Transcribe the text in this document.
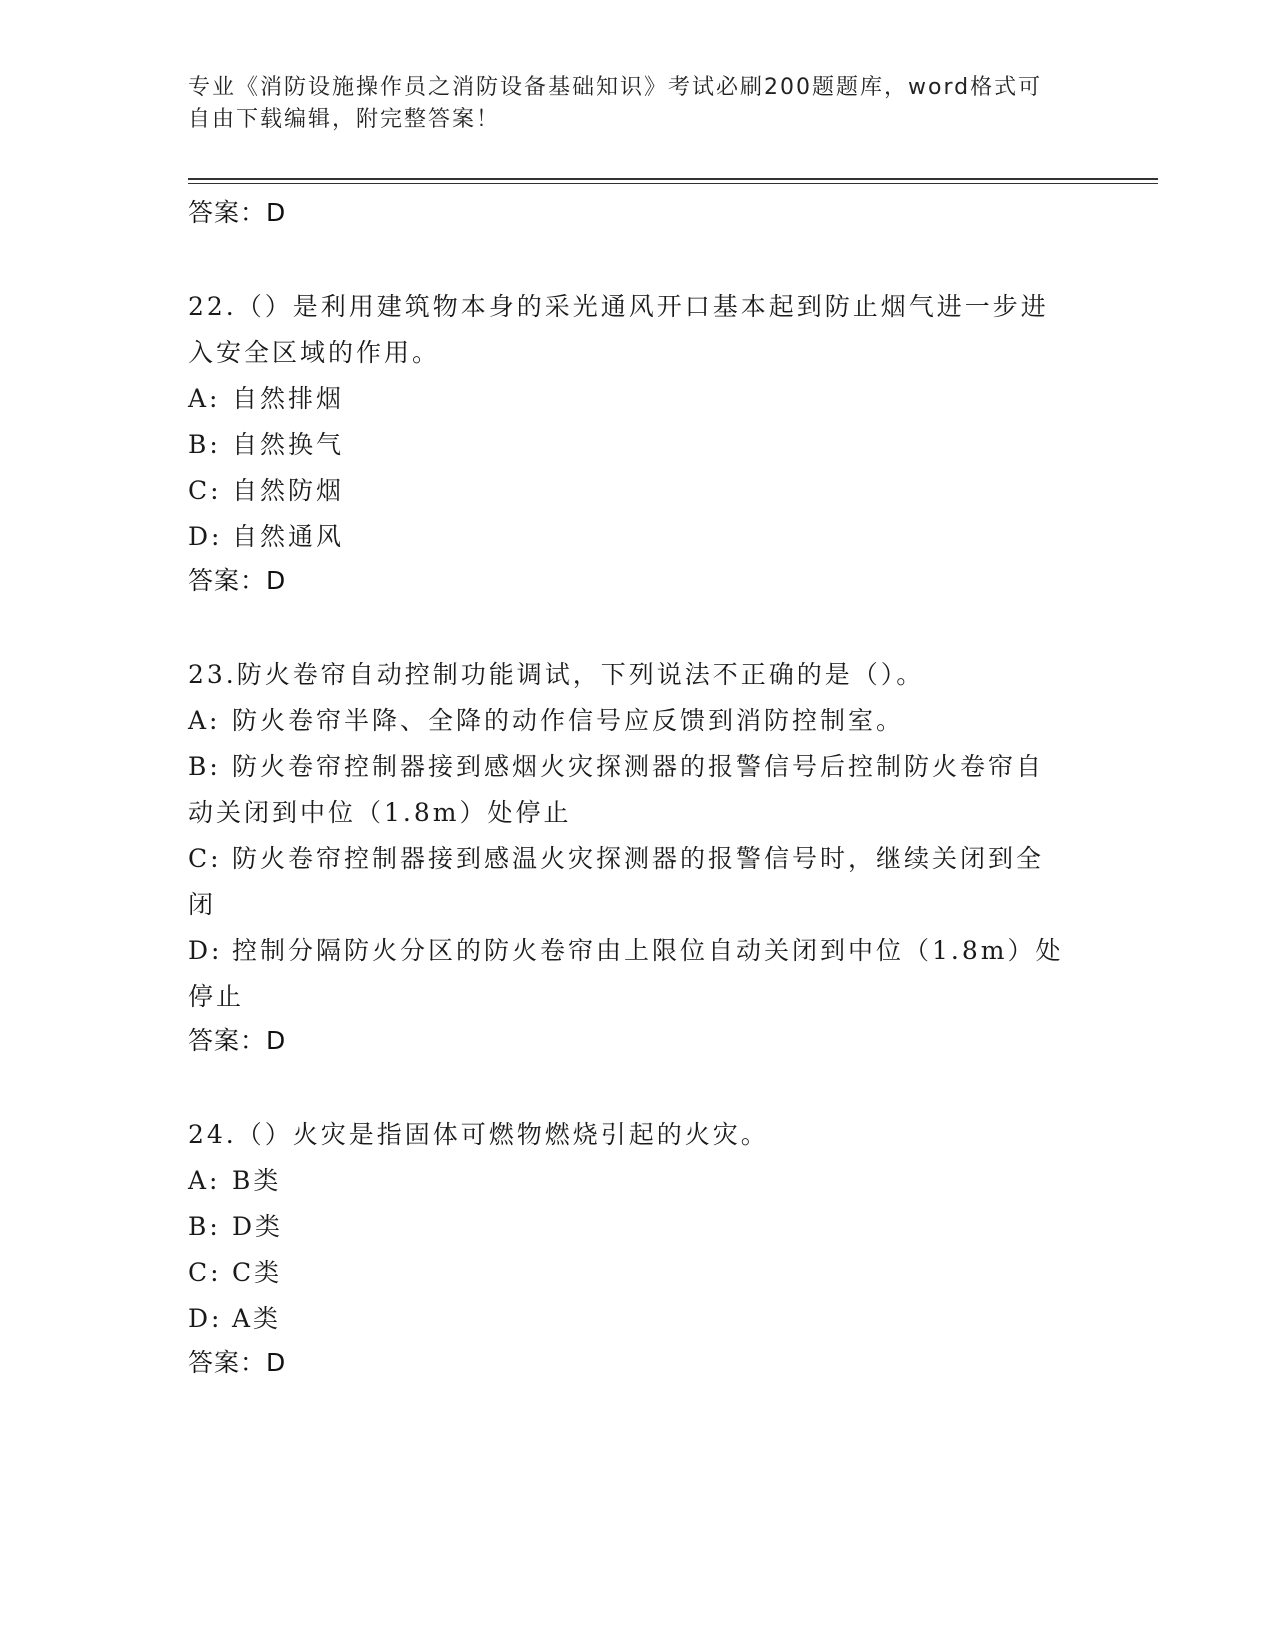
专业《消防设施操作员之消防设备基础知识》考试必刷200题题库，word格式可
自由下载编辑，附完整答案！
答案：D

22.（）是利用建筑物本身的采光通风开口基本起到防止烟气进一步进

入安全区域的作用。

A: 自然排烟

B: 自然换气

C: 自然防烟

D: 自然通风

答案：D

23.防火卷帘自动控制功能调试，下列说法不正确的是（）。

A: 防火卷帘半降、全降的动作信号应反馈到消防控制室。

B: 防火卷帘控制器接到感烟火灾探测器的报警信号后控制防火卷帘自

动关闭到中位（1.8m）处停止

C: 防火卷帘控制器接到感温火灾探测器的报警信号时，继续关闭到全

闭

D: 控制分隔防火分区的防火卷帘由上限位自动关闭到中位（1.8m）处

停止

答案：D

24.（）火灾是指固体可燃物燃烧引起的火灾。

A: B类

B: D类

C: C类

D: A类

答案：D
